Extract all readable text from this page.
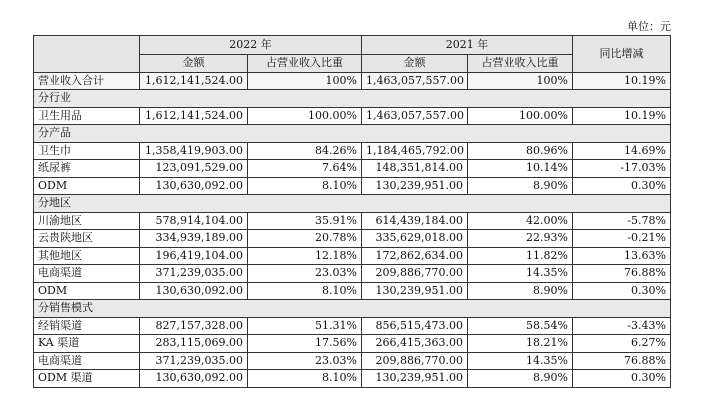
单位：元
	2022 年		2021 年		同比增减
	金额	占营业收入比重	金额	占营业收入比重	
营业收入合计	1,612,141,524.00	100%	1,463,057,557.00	100%	10.19%
分行业					
卫生用品	1,612,141,524.00	100.00%	1,463,057,557.00	100.00%	10.19%
分产品					
卫生巾	1,358,419,903.00	84.26%	1,184,465,792.00	80.96%	14.69%
纸尿裤	123,091,529.00	7.64%	148,351,814.00	10.14%	-17.03%
ODM	130,630,092.00	8.10%	130,239,951.00	8.90%	0.30%
分地区					
川渝地区	578,914,104.00	35.91%	614,439,184.00	42.00%	-5.78%
云贵陕地区	334,939,189.00	20.78%	335,629,018.00	22.93%	-0.21%
其他地区	196,419,104.00	12.18%	172,862,634.00	11.82%	13.63%
电商渠道	371,239,035.00	23.03%	209,886,770.00	14.35%	76.88%
ODM	130,630,092.00	8.10%	130,239,951.00	8.90%	0.30%
分销售模式					
经销渠道	827,157,328.00	51.31%	856,515,473.00	58.54%	-3.43%
KA 渠道	283,115,069.00	17.56%	266,415,363.00	18.21%	6.27%
电商渠道	371,239,035.00	23.03%	209,886,770.00	14.35%	76.88%
ODM 渠道	130,630,092.00	8.10%	130,239,951.00	8.90%	0.30%
